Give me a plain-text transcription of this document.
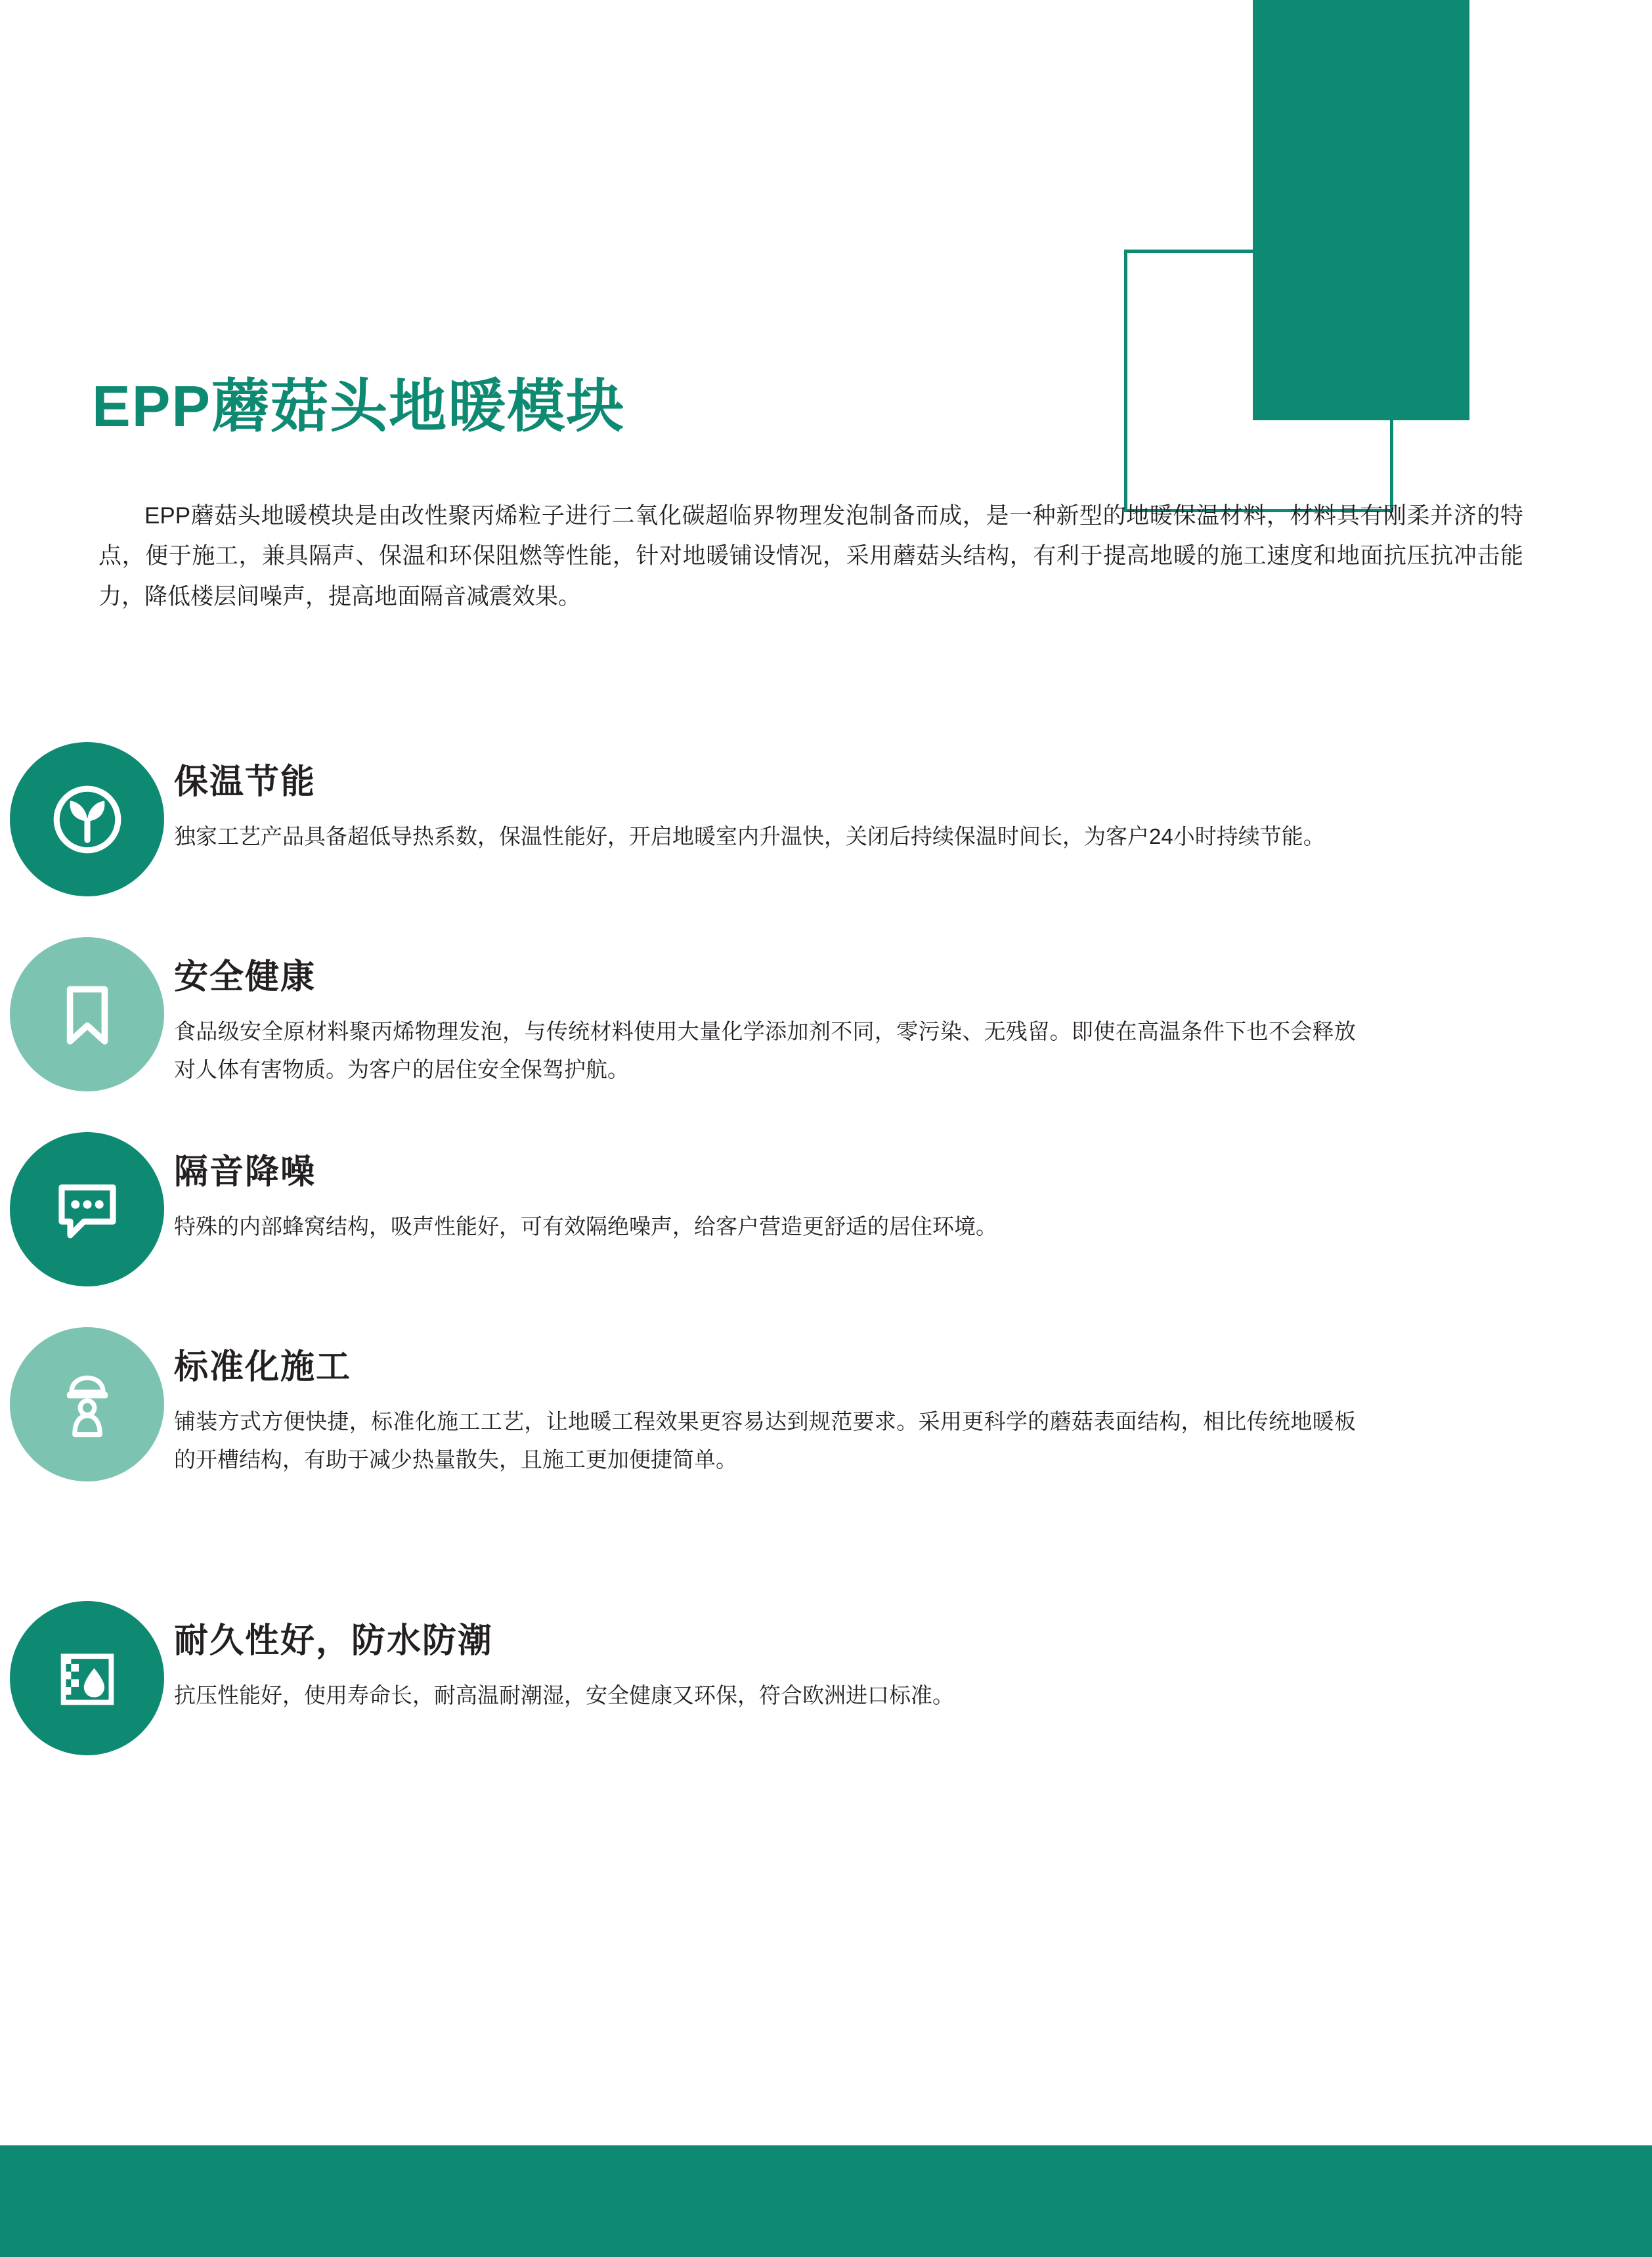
EPP蘑菇头地暖模块

EPP蘑菇头地暖模块是由改性聚丙烯粒子进行二氧化碳超临界物理发泡制备而成，是一种新型的地暖保温材料，材料具有刚柔并济的特点，便于施工，兼具隔声、保温和环保阻燃等性能，针对地暖铺设情况，采用蘑菇头结构，有利于提高地暖的施工速度和地面抗压抗冲击能力，降低楼层间噪声，提高地面隔音减震效果。

保温节能
独家工艺产品具备超低导热系数，保温性能好，开启地暖室内升温快，关闭后持续保温时间长，为客户24小时持续节能。
安全健康
食品级安全原材料聚丙烯物理发泡，与传统材料使用大量化学添加剂不同，零污染、无残留。即使在高温条件下也不会释放对人体有害物质。为客户的居住安全保驾护航。
隔音降噪
特殊的内部蜂窝结构，吸声性能好，可有效隔绝噪声，给客户营造更舒适的居住环境。
标准化施工
铺装方式方便快捷，标准化施工工艺，让地暖工程效果更容易达到规范要求。采用更科学的蘑菇表面结构，相比传统地暖板的开槽结构，有助于减少热量散失，且施工更加便捷简单。
耐久性好，防水防潮
抗压性能好，使用寿命长，耐高温耐潮湿，安全健康又环保，符合欧洲进口标准。
